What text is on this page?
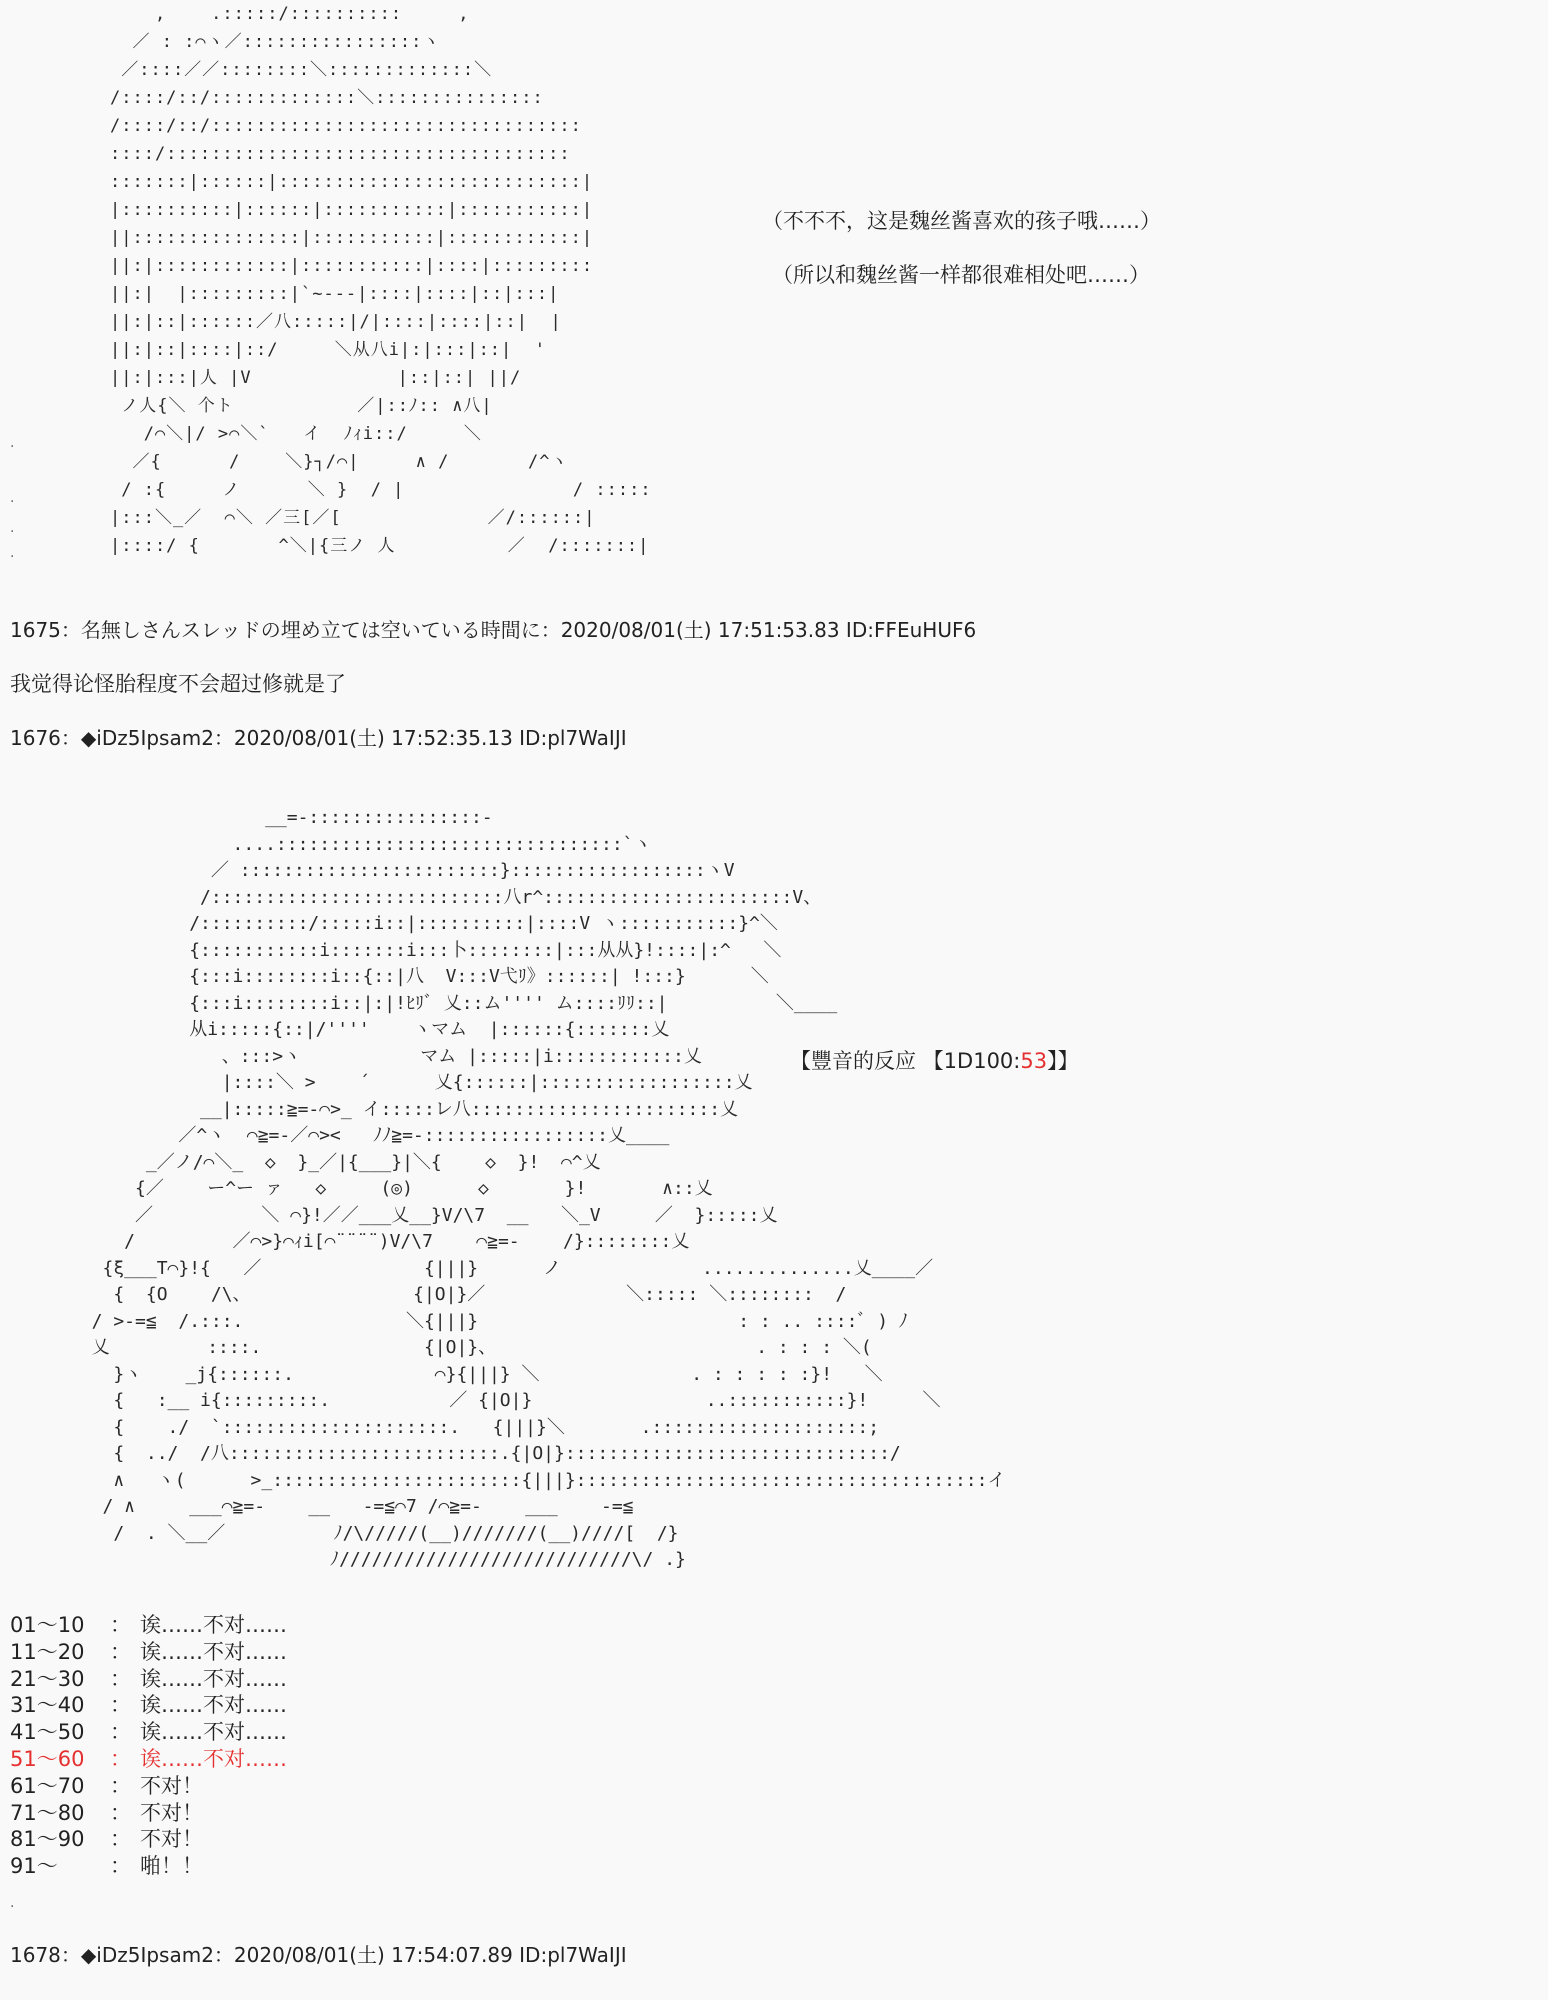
,    .:::::/::::::::::     ,
／ : :⌒ヽ／::::::::::::::::ヽ
／::::／／::::::::＼:::::::::::::＼
/::::/::/:::::::::::::＼:::::::::::::::
/::::/::/:::::::::::::::::::::::::::::::::
::::/::::::::::::::::::::::::::::::::::::
:::::::|::::::|:::::::::::::::::::::::::::|
|::::::::::|::::::|:::::::::::|:::::::::::|
||:::::::::::::::|:::::::::::|::::::::::::|
||:|::::::::::::|:::::::::::|::::|:::::::::
||:|  |:::::::::|`~---|::::|::::|::|:::|
||:|::|::::::／八:::::|/|::::|::::|::|  |
||:|::|::::|::/     ＼从八i|:|:::|::|  '
||:|:::|人 |V             |::|::| ||/
ノ人{＼ 个ト           ／|::ﾉ:: ∧八|
/⌒＼|/ >⌒＼`   イ  ﾉｨi::/     ＼
／{      /    ＼}┐/⌒|     ∧ /       /^ヽ
/ :{     ノ      ＼ }  / |               / :::::
|:::＼_／  ⌒＼ ／三[／[             ／/::::::|
|::::/ {       ^＼|{三ノ 人          ／  /:::::::|
（不不不，这是魏丝酱喜欢的孩子哦……）
（所以和魏丝酱一样都很难相处吧……）
.
.
.
.
1675：名無しさんスレッドの埋め立ては空いている時間に：2020/08/01(土) 17:51:53.83 ID:FFEuHUF6
我觉得论怪胎程度不会超过修就是了
1676：◆iDz5Ipsam2：2020/08/01(土) 17:52:35.13 ID:pl7WaIJI
__=-::::::::::::::::-
....::::::::::::::::::::::::::::::::`ヽ
／ ::::::::::::::::::::::::}::::::::::::::::::ヽV
/:::::::::::::::::::::::::::八r^:::::::::::::::::::::::V、
/::::::::::/:::::i::|::::::::::|::::V ヽ:::::::::::}^＼
{:::::::::::i:::::::i:::卜::::::::|:::从从}!::::|:^   ＼
{:::i::::::::i::{::|八  V:::V弋ﾘ》::::::| !:::}      ＼
{:::i::::::::i::|:|!ﾋﾘﾞ 乂::ム'''' ム::::ﾘﾘ::|          ＼____
从i:::::{::|/''''    ヽマム  |::::::{:::::::乂
、:::>ヽ           マム |:::::|i::::::::::::乂
|::::＼ >    ´      乂{::::::|::::::::::::::::::乂
__|:::::≧=-⌒>_ イ:::::レ八:::::::::::::::::::::::乂
／^ヽ  ⌒≧=-／⌒><   ﾉﾉ≧=-:::::::::::::::::乂____
_／ノ/⌒＼_  ◇  }_／|{___}|＼{    ◇  }!  ⌒^乂
{／    ー^ー ァ   ◇     (◎)      ◇       }!       ∧::乂
／          ＼ ⌒}!／／___乂__}V/\7  __   ＼_V     ／  }:::::乂
/         ／⌒>}⌒ｨi[⌒¨¨¨¨)V/\7    ⌒≧=-    /}::::::::乂
{ξ___T⌒}!{   ／               {|||}      ノ             ..............乂____／
{  {O    /\、               {|O|}／             ＼::::: ＼::::::::  /
/ >-=≦  /.:::.               ＼{|||}                        : : .. ::::ﾞ ) ﾉ
乂         ::::.               {|O|}、                        . : : : ＼(
}ヽ    _j{::::::.             ⌒}{|||} ＼              . : : : : :}!   ＼
{   :__ i{:::::::::.           ／ {|O|}                ..:::::::::::}!     ＼
{    ./  `:::::::::::::::::::::.   {|||}＼       .::::::::::::::::::::;
{  ../  /八:::::::::::::::::::::::::.{|O|}::::::::::::::::::::::::::::::/
∧   ヽ(      >_:::::::::::::::::::::::{|||}::::::::::::::::::::::::::::::::::::::イ
/ ∧     ___⌒≧=-    __   -=≦⌒7 /⌒≧=-    ___    -=≦
/  . ＼__／          ﾉ/\/////(__)///////(__)////[  /}
ﾉ///////////////////////////\/ .}
【豐音的反应 【1D100:53】】
01～10	： 诶……不对……
11～20	： 诶……不对……
21～30	： 诶……不对……
31～40	： 诶……不对……
41～50	： 诶……不对……
51～60	： 诶……不对……
61～70	： 不对！
71～80	： 不对！
81～90	： 不对！
91～	： 啪！！
.
1678：◆iDz5Ipsam2：2020/08/01(土) 17:54:07.89 ID:pl7WaIJI
